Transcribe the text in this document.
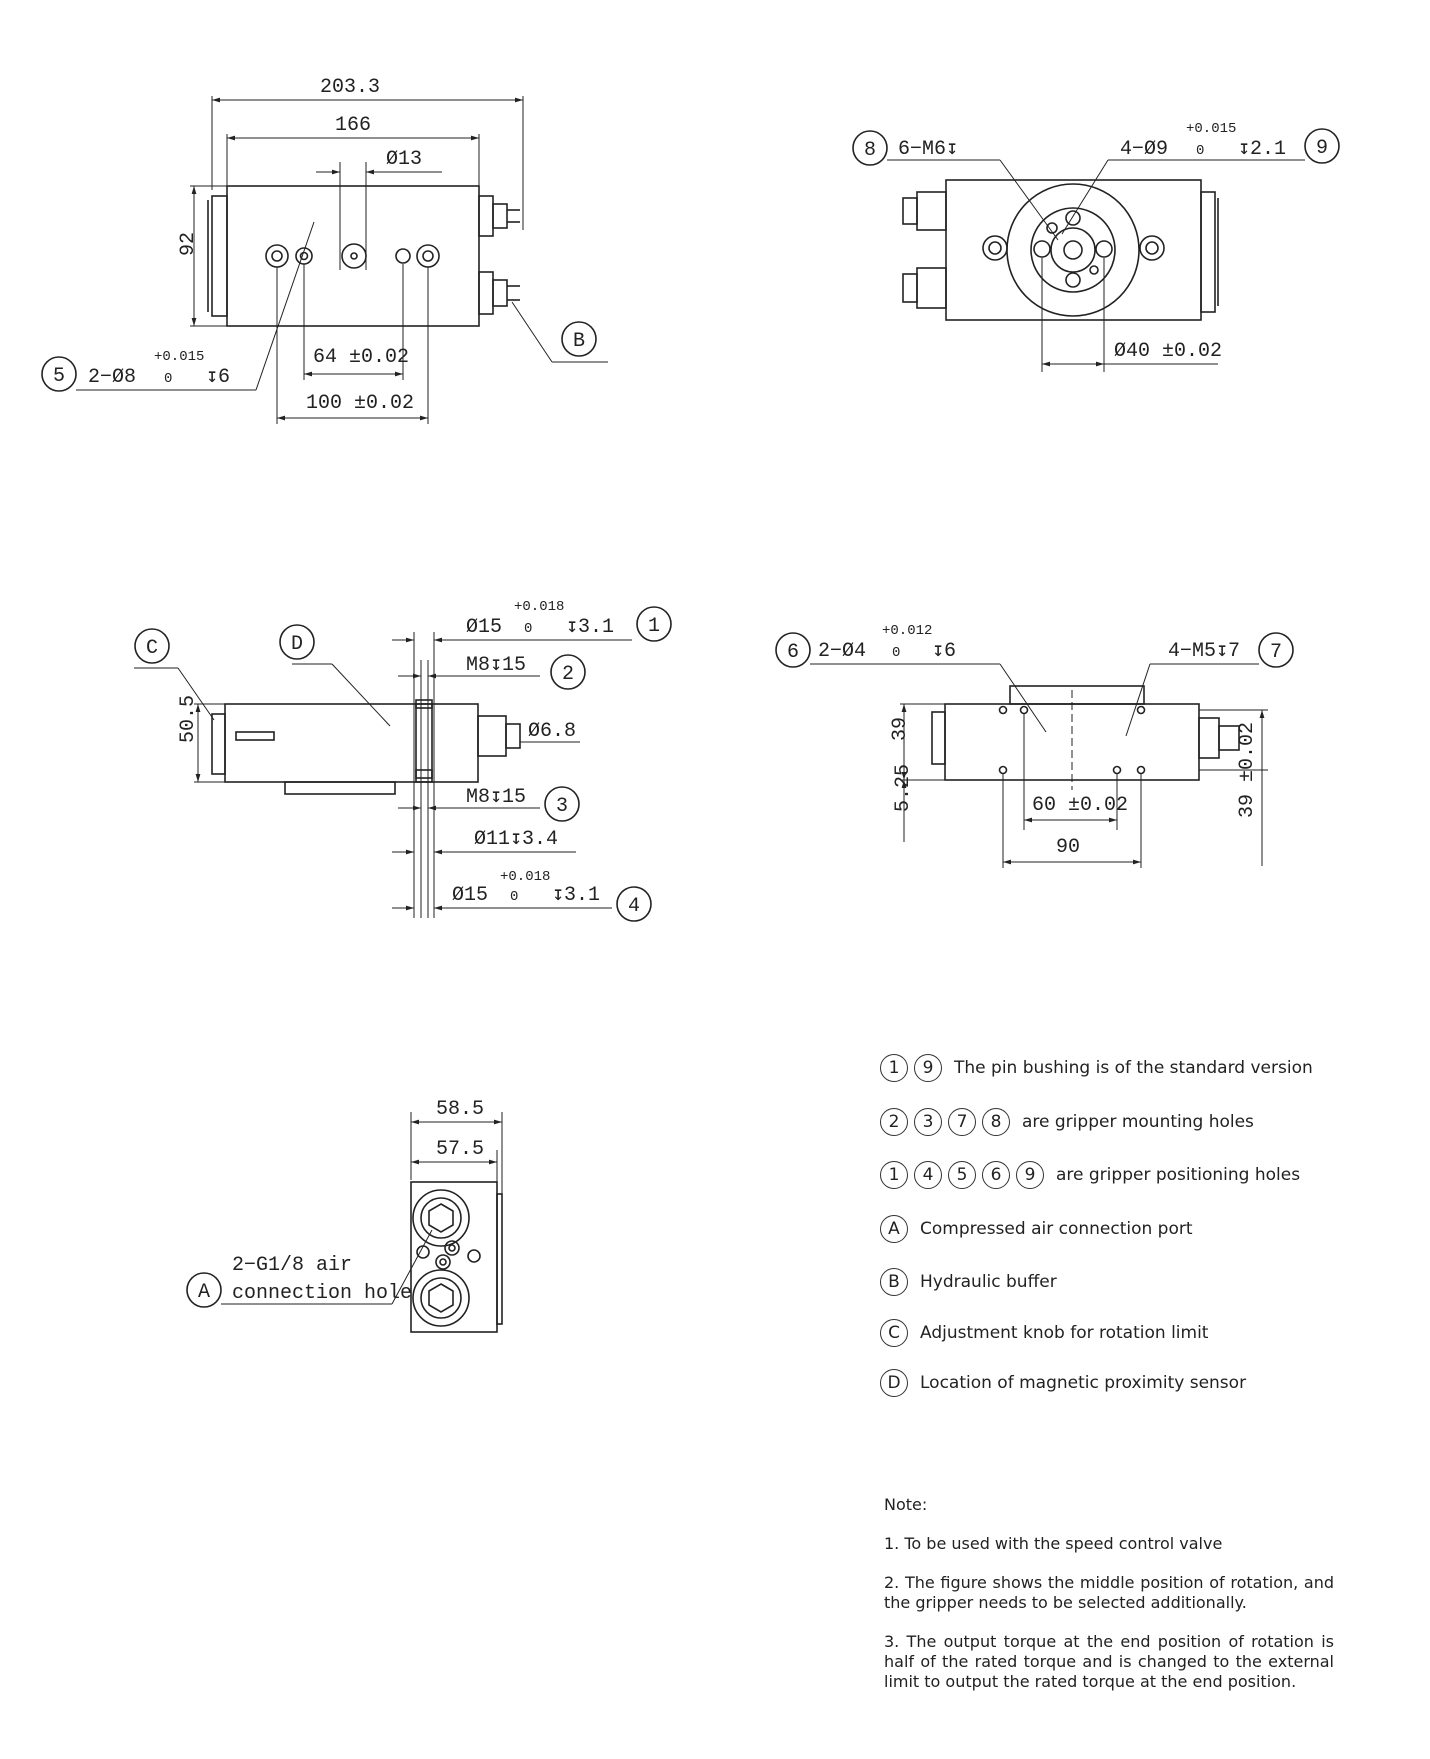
203.3
166
Ø13
92
64 ±0.02
100 ±0.02
5 2−Ø8
+0.015
0 ↧6
B
8 6−M6↧	4−Ø9
+0.015
0 ↧2.1 9
Ø40 ±0.02
C	D
Ø15
+0.018
0 ↧3.1 1
M8↧15 2
Ø6.8
50.5
M8↧15 3
Ø11↧3.4
Ø15
+0.018
0 ↧3.1 4
6 2−Ø4
+0.012
0 ↧6	4−M5↧7 7
39
5.25	60 ±0.02
90
39 ±0.02
58.5
57.5
2−G1/8 air
connection hole
A
1	9	The pin bushing is of the standard version
2	3	7	8	are gripper mounting holes
1	4	5	6	9	are gripper positioning holes
A	Compressed air connection port
B	Hydraulic buffer
C	Adjustment knob for rotation limit
D	Location of magnetic proximity sensor

Note:

1. To be used with the speed control valve

2. The figure shows the middle position of rotation, and the gripper needs to be selected additionally.

3. The output torque at the end position of rotation is half of the rated torque and is changed to the external limit to output the rated torque at the end position.
